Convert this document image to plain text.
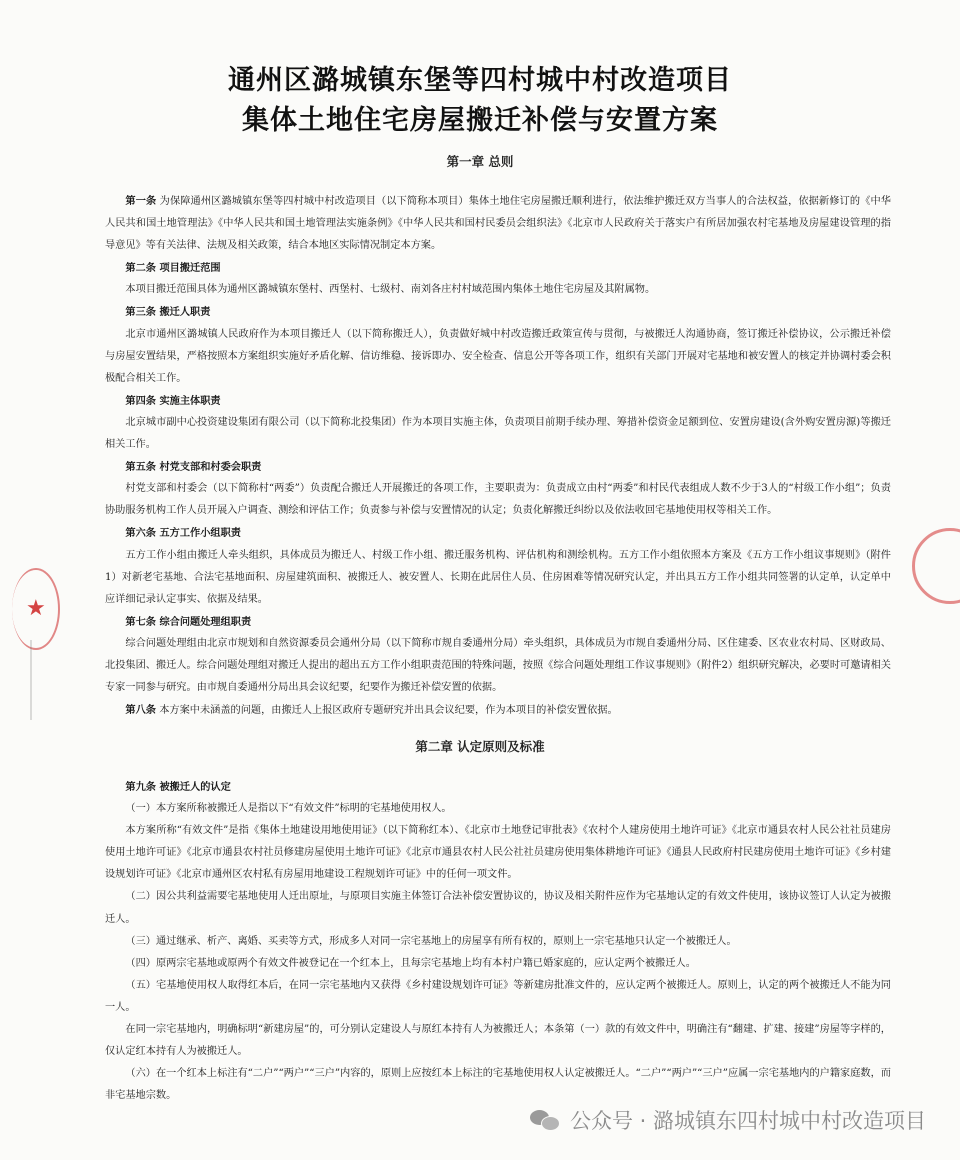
通州区潞城镇东堡等四村城中村改造项目
集体土地住宅房屋搬迁补偿与安置方案
第一章 总则

第一条 为保障通州区潞城镇东堡等四村城中村改造项目（以下简称本项目）集体土地住宅房屋搬迁顺利进行，依法维护搬迁双方当事人的合法权益，依据新修订的《中华人民共和国土地管理法》《中华人民共和国土地管理法实施条例》《中华人民共和国村民委员会组织法》《北京市人民政府关于落实户有所居加强农村宅基地及房屋建设管理的指导意见》等有关法律、法规及相关政策，结合本地区实际情况制定本方案。

第二条 项目搬迁范围

本项目搬迁范围具体为通州区潞城镇东堡村、西堡村、七级村、南刘各庄村村域范围内集体土地住宅房屋及其附属物。

第三条 搬迁人职责

北京市通州区潞城镇人民政府作为本项目搬迁人（以下简称搬迁人），负责做好城中村改造搬迁政策宣传与贯彻，与被搬迁人沟通协商，签订搬迁补偿协议，公示搬迁补偿与房屋安置结果，严格按照本方案组织实施好矛盾化解、信访维稳、接诉即办、安全检查、信息公开等各项工作，组织有关部门开展对宅基地和被安置人的核定并协调村委会积极配合相关工作。

第四条 实施主体职责

北京城市副中心投资建设集团有限公司（以下简称北投集团）作为本项目实施主体，负责项目前期手续办理、筹措补偿资金足额到位、安置房建设(含外购安置房源)等搬迁相关工作。

第五条 村党支部和村委会职责

村党支部和村委会（以下简称村“两委”）负责配合搬迁人开展搬迁的各项工作，主要职责为：负责成立由村“两委”和村民代表组成人数不少于3人的“村级工作小组”；负责协助服务机构工作人员开展入户调查、测绘和评估工作；负责参与补偿与安置情况的认定；负责化解搬迁纠纷以及依法收回宅基地使用权等相关工作。

第六条 五方工作小组职责

五方工作小组由搬迁人牵头组织，具体成员为搬迁人、村级工作小组、搬迁服务机构、评估机构和测绘机构。五方工作小组依照本方案及《五方工作小组议事规则》（附件1）对新老宅基地、合法宅基地面积、房屋建筑面积、被搬迁人、被安置人、长期在此居住人员、住房困难等情况研究认定，并出具五方工作小组共同签署的认定单，认定单中应详细记录认定事实、依据及结果。

第七条 综合问题处理组职责

综合问题处理组由北京市规划和自然资源委员会通州分局（以下简称市规自委通州分局）牵头组织，具体成员为市规自委通州分局、区住建委、区农业农村局、区财政局、北投集团、搬迁人。综合问题处理组对搬迁人提出的超出五方工作小组职责范围的特殊问题，按照《综合问题处理组工作议事规则》（附件2）组织研究解决，必要时可邀请相关专家一同参与研究。由市规自委通州分局出具会议纪要，纪要作为搬迁补偿安置的依据。

第八条 本方案中未涵盖的问题，由搬迁人上报区政府专题研究并出具会议纪要，作为本项目的补偿安置依据。

第二章 认定原则及标准

第九条 被搬迁人的认定

（一）本方案所称被搬迁人是指以下“有效文件”标明的宅基地使用权人。

本方案所称“有效文件”是指《集体土地建设用地使用证》（以下简称红本）、《北京市土地登记审批表》《农村个人建房使用土地许可证》《北京市通县农村人民公社社员建房使用土地许可证》《北京市通县农村社员修建房屋使用土地许可证》《北京市通县农村人民公社社员建房使用集体耕地许可证》《通县人民政府村民建房使用土地许可证》《乡村建设规划许可证》《北京市通州区农村私有房屋用地建设工程规划许可证》中的任何一项文件。

（二）因公共利益需要宅基地使用人迁出原址，与原项目实施主体签订合法补偿安置协议的，协议及相关附件应作为宅基地认定的有效文件使用，该协议签订人认定为被搬迁人。

（三）通过继承、析产、离婚、买卖等方式，形成多人对同一宗宅基地上的房屋享有所有权的，原则上一宗宅基地只认定一个被搬迁人。

（四）原两宗宅基地或原两个有效文件被登记在一个红本上，且每宗宅基地上均有本村户籍已婚家庭的，应认定两个被搬迁人。

（五）宅基地使用权人取得红本后，在同一宗宅基地内又获得《乡村建设规划许可证》等新建房批准文件的，应认定两个被搬迁人。原则上，认定的两个被搬迁人不能为同一人。

在同一宗宅基地内，明确标明“新建房屋”的，可分别认定建设人与原红本持有人为被搬迁人；本条第（一）款的有效文件中，明确注有“翻建、扩建、接建”房屋等字样的，仅认定红本持有人为被搬迁人。

（六）在一个红本上标注有“二户”“两户”“三户”内容的，原则上应按红本上标注的宅基地使用权人认定被搬迁人。“二户”“两户”“三户”应属一宗宅基地内的户籍家庭数，而非宅基地宗数。

★
公众号 · 潞城镇东四村城中村改造项目
